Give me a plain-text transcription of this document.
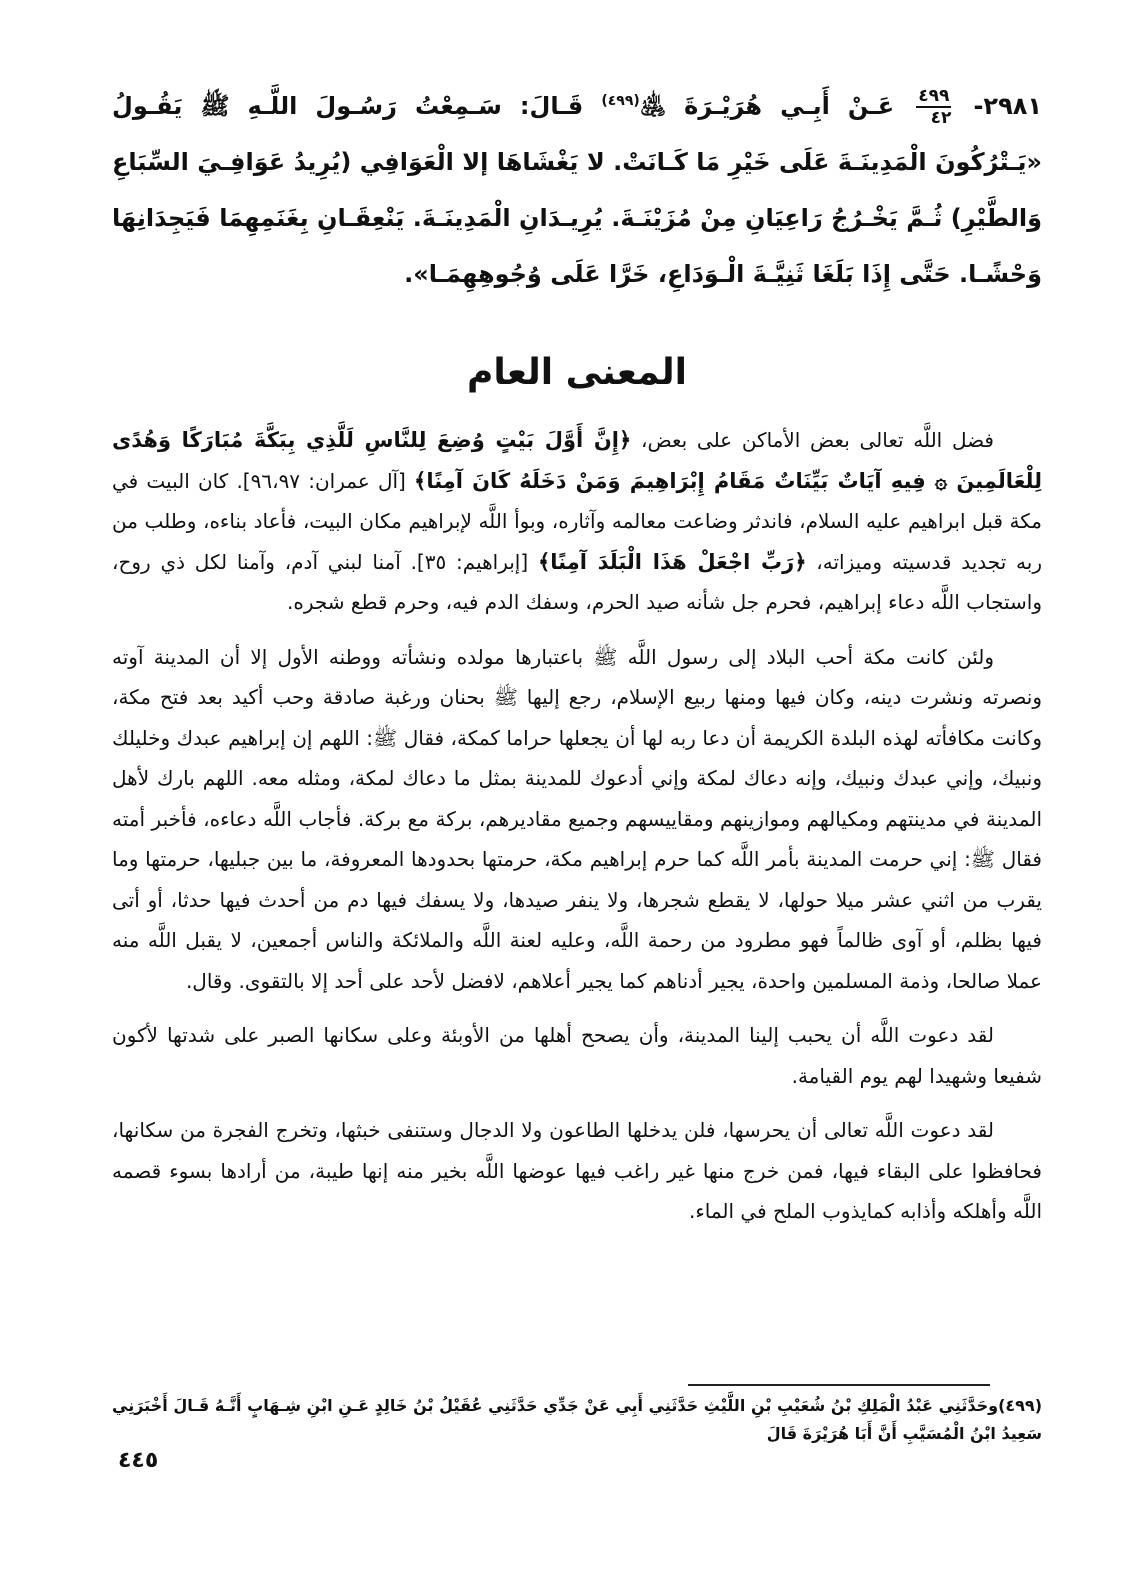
٢٩٨١-
$\frac{٤٩٩}{٤٢}$
عَـنْ أَبِـي هُرَيْـرَةَ ﵁$^{(٤٩٩)}$ قَـالَ: سَـمِعْتُ رَسُـولَ اللَّـهِ ﷺ يَقُـولُ «يَـتْرُكُونَ الْمَدِينَـةَ عَلَى خَيْرِ مَا كَـانَتْ. لا يَغْشَاهَا إلا الْعَوَافِي (يُرِيدُ عَوَافِـيَ السِّبَاعِ وَالطَّيْرِ) ثُـمَّ يَخْـرُجُ رَاعِيَانِ مِنْ مُزَيْنَـةَ. يُرِيـدَانِ الْمَدِينَـةَ. يَنْعِقَـانِ بِغَنَمِهِمَا فَيَجِدَانِهَا وَحْشًـا. حَتَّى إِذَا بَلَغَا ثَنِيَّـةَ الْـوَدَاعِ، خَرَّا عَلَى وُجُوهِهِمَـا».

المعنى العام

فضل اللَّه تعالى بعض الأماكن على بعض، ﴿إِنَّ أَوَّلَ بَيْتٍ وُضِعَ لِلنَّاسِ لَلَّذِي بِبَكَّةَ مُبَارَكًا وَهُدًى لِلْعَالَمِينَ ۞ فِيهِ آيَاتٌ بَيِّنَاتٌ مَقَامُ إِبْرَاهِيمَ وَمَنْ دَخَلَهُ كَانَ آمِنًا﴾ [آل عمران: ٩٦،٩٧]. كان البيت في مكة قبل ابراهيم عليه السلام، فاندثر وضاعت معالمه وآثاره، وبوأ اللَّه لإبراهيم مكان البيت، فأعاد بناءه، وطلب من ربه تجديد قدسيته وميزاته، ﴿رَبِّ اجْعَلْ هَذَا الْبَلَدَ آمِنًا﴾ [إبراهيم: ٣٥]. آمنا لبني آدم، وآمنا لكل ذي روح، واستجاب اللَّه دعاء إبراهيم، فحرم جل شأنه صيد الحرم، وسفك الدم فيه، وحرم قطع شجره.

ولئن كانت مكة أحب البلاد إلى رسول اللَّه ﷺ باعتبارها مولده ونشأته ووطنه الأول إلا أن المدينة آوته ونصرته ونشرت دينه، وكان فيها ومنها ربيع الإسلام، رجع إليها ﷺ بحنان ورغبة صادقة وحب أكيد بعد فتح مكة، وكانت مكافأته لهذه البلدة الكريمة أن دعا ربه لها أن يجعلها حراما كمكة، فقال ﷺ: اللهم إن إبراهيم عبدك وخليلك ونبيك، وإني عبدك ونبيك، وإنه دعاك لمكة وإني أدعوك للمدينة بمثل ما دعاك لمكة، ومثله معه. اللهم بارك لأهل المدينة في مدينتهم ومكيالهم وموازينهم ومقاييسهم وجميع مقاديرهم، بركة مع بركة. فأجاب اللَّه دعاءه، فأخبر أمته فقال ﷺ: إني حرمت المدينة بأمر اللَّه كما حرم إبراهيم مكة، حرمتها بحدودها المعروفة، ما بين جبليها، حرمتها وما يقرب من اثني عشر ميلا حولها، لا يقطع شجرها، ولا ينفر صيدها، ولا يسفك فيها دم من أحدث فيها حدثا، أو أتى فيها بظلم، أو آوى ظالماً فهو مطرود من رحمة اللَّه، وعليه لعنة اللَّه والملائكة والناس أجمعين، لا يقبل اللَّه منه عملا صالحا، وذمة المسلمين واحدة، يجير أدناهم كما يجير أعلاهم، لافضل لأحد على أحد إلا بالتقوى. وقال.

لقد دعوت اللَّه أن يحبب إلينا المدينة، وأن يصحح أهلها من الأوبئة وعلى سكانها الصبر على شدتها لأكون شفيعا وشهيدا لهم يوم القيامة.

لقد دعوت اللَّه تعالى أن يحرسها، فلن يدخلها الطاعون ولا الدجال وستنفى خبثها، وتخرج الفجرة من سكانها، فحافظوا على البقاء فيها، فمن خرج منها غير راغب فيها عوضها اللَّه بخير منه إنها طيبة، من أرادها بسوء قصمه اللَّه وأهلكه وأذابه كمايذوب الملح في الماء.

(٤٩٩)وحَدَّثَنِي عَبْدُ الْمَلِكِ بْنُ شُعَيْبِ بْنِ اللَّيْثِ حَدَّثَنِي أَبِي عَنْ جَدِّي حَدَّثَنِي عُقَيْلُ بْنُ خَالِدٍ عَـنِ ابْنِ شِـهَابٍ أَنَّـهُ قَـالَ أَخْبَرَنِي سَعِيدُ ابْنُ الْمُسَيَّبِ أَنَّ أَبَا هُرَيْرَةَ قَالَ
٤٤٥
